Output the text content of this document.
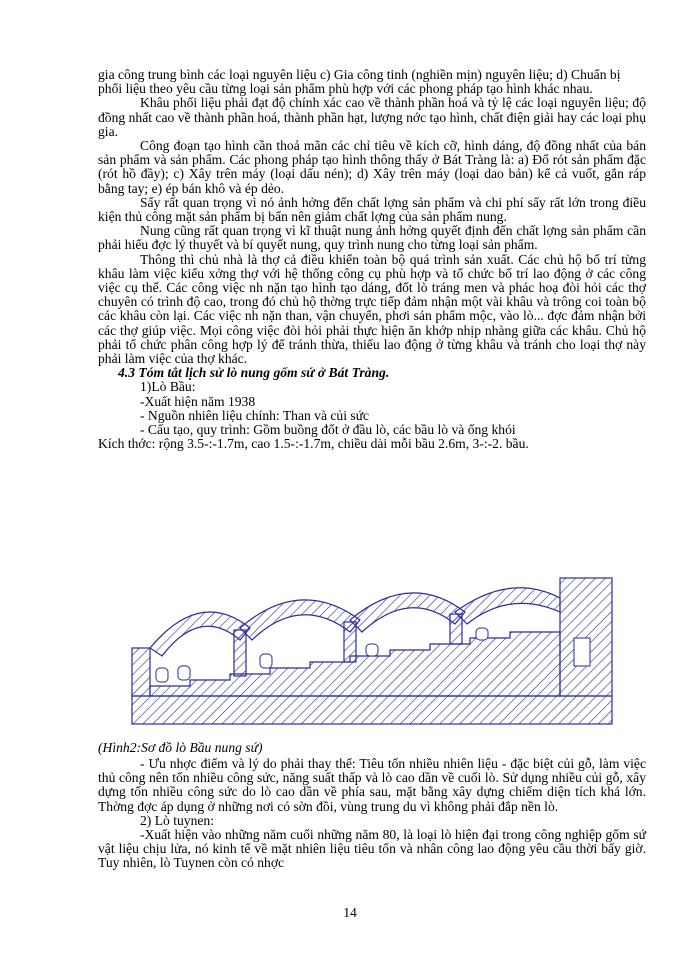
gia công trung bình các loại nguyên liệu c) Gia công tinh (nghiền mịn) nguyên liệu; d) Chuẩn bị phối liệu theo yêu cầu từng loại sản phẩm phù hợp với các phong pháp tạo hình khác nhau.

Khâu phối liệu phải đạt độ chính xác cao về thành phần hoá và tỷ lệ các loại nguyên liệu; độ đồng nhất cao về thành phần hoá, thành phần hạt, lượng nớc tạo hình, chất điện giải hay các loại phụ gia.

Công đoạn tạo hình cần thoả mãn các chỉ tiêu về kích cỡ, hình dáng, độ đồng nhất của bán sản phẩm và sản phẩm. Các phong pháp tạo hình thông thấy ở Bát Tràng là: a) Đổ rót sản phẩm đặc (rót hồ đầy); c) Xây trên máy (loại dấu nén); d) Xây trên máy (loại dao bản) kể cả vuốt, gắn ráp bằng tay; e) ép bán khô và ép dẻo.

Sấy rất quan trọng vì nó ảnh hởng đến chất lợng sản phẩm và chi phí sấy rất lớn trong điều kiện thủ công mặt sản phẩm bị bẩn nên giảm chất lợng của sản phẩm nung.

Nung cũng rất quan trọng vì kĩ thuật nung ảnh hởng quyết định đến chất lợng sản phẩm cần phải hiểu đợc lý thuyết và bí quyết nung, quy trình nung cho từng loại sản phẩm.

Thông thì chủ nhà là thợ cả điều khiển toàn bộ quá trình sản xuất. Các chủ hộ bố trí từng khâu làm việc kiểu xởng thợ với hệ thống công cụ phù hợp và tổ chức bố trí lao động ở các công việc cụ thể. Các công việc nh nặn tạo hình tạo dáng, đốt lò tráng men và phác hoạ đòi hỏi các thợ chuyên có trình độ cao, trong đó chủ hộ thờng trực tiếp đảm nhận một vài khâu và trông coi toàn bộ các khâu còn lại. Các việc nh nặn than, vận chuyển, phơi sản phẩm mộc, vào lò... đợc đảm nhận bởi các thợ giúp việc. Mọi công việc đòi hỏi phải thực hiện ăn khớp nhịp nhàng giữa các khâu. Chủ hộ phải tổ chức phân công hợp lý để tránh thừa, thiếu lao động ở từng khâu và tránh cho loại thợ này phải làm việc của thợ khác.

4.3 Tóm tắt lịch sử lò nung gốm sứ ở Bát Tràng.

1)Lò Bầu:

-Xuất hiện năm 1938

- Nguồn nhiên liệu chính: Than và củi sức

- Cấu tạo, quy trình: Gồm buồng đốt ở đầu lò, các bầu lò và ống khói

Kích thớc: rộng 3.5-:-1.7m, cao 1.5-:-1.7m, chiều dài mỗi bầu 2.6m, 3-:-2. bầu.

(Hình2:Sơ đồ lò Bầu nung sứ)

- Ưu nhợc điểm và lý do phải thay thế: Tiêu tốn nhiều nhiên liệu - đặc biệt củi gỗ, làm việc thủ công nên tốn nhiều công sức, năng suất thấp và lò cao dần về cuối lò. Sử dụng nhiều củi gỗ, xây dựng tốn nhiều công sức do lò cao dần về phía sau, mặt bằng xây dựng chiếm diện tích khá lớn. Thờng đợc áp dụng ở những nơi có sờn đồi, vùng trung du vì không phải đắp nền lò.

2) Lò tuynen:

-Xuất hiện vào những năm cuối những năm 80, là loại lò hiện đại trong công nghiệp gốm sứ vật liệu chịu lửa, nó kinh tế về mặt nhiên liệu tiêu tốn và nhân công lao động yêu cầu thời bấy giờ. Tuy nhiên, lò Tuynen còn có nhợc

14
